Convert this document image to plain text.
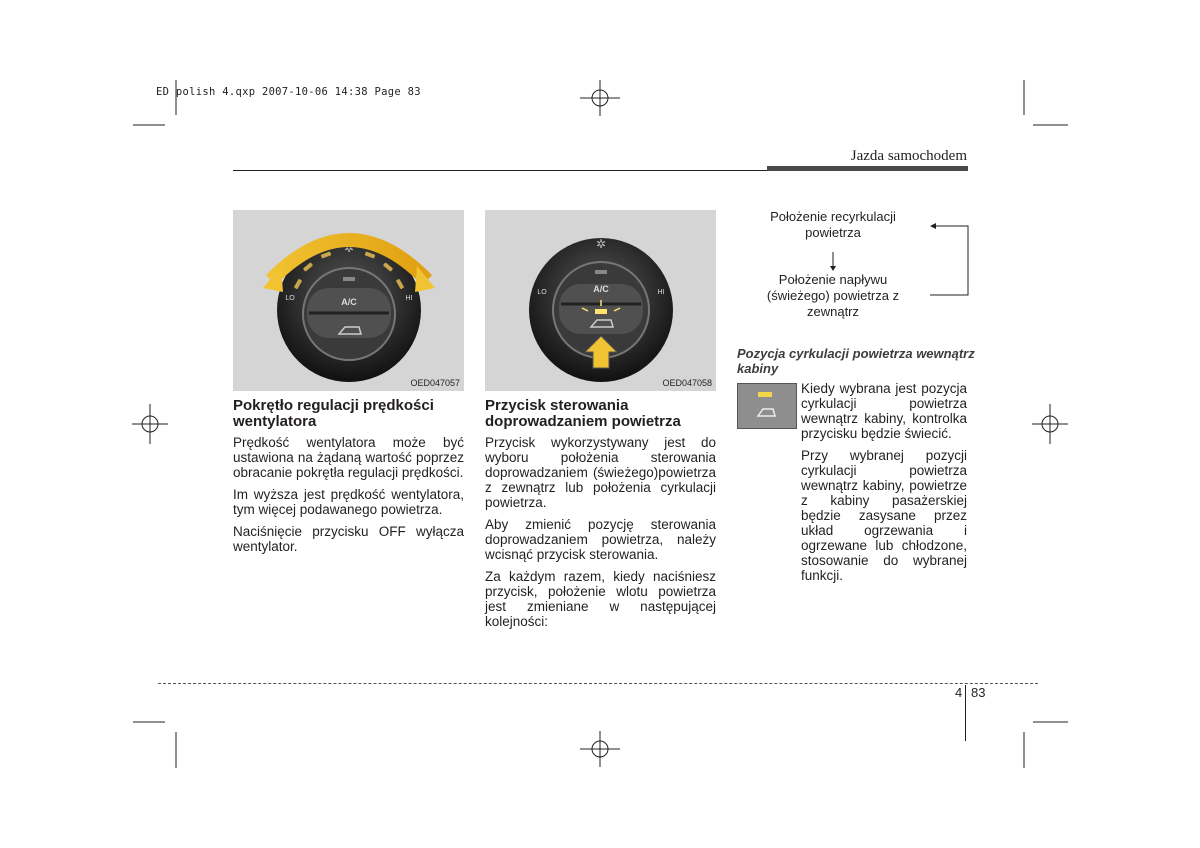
ED polish 4.qxp 2007-10-06 14:38 Page 83
Jazda samochodem
✲
A/C
LO	HI
OED047057
✲
A/C
LO	HI
OED047058
Pokrętło regulacji prędkości wentylatora

Prędkość wentylatora może być ustawiona na żądaną wartość poprzez obracanie pokrętła regulacji prędkości.

Im wyższa jest prędkość wentylatora, tym więcej podawanego powietrza.

Naciśnięcie przycisku OFF wyłącza wentylator.

Przycisk sterowania doprowadzaniem powietrza

Przycisk wykorzystywany jest do wyboru położenia sterowania doprowadzaniem (świeżego)powietrza z zewnątrz lub położenia cyrkulacji powietrza.

Aby zmienić pozycję sterowania doprowadzaniem powietrza, należy wcisnąć przycisk sterowania.

Za każdym razem, kiedy naciśniesz przycisk, położenie wlotu powietrza jest zmieniane w następującej kolejności:

Położenie recyrkulacji powietrza
Położenie napływu (świeżego) powietrza z zewnątrz
Pozycja cyrkulacji powietrza wewnątrz kabiny

Kiedy wybrana jest pozycja cyrkulacji powietrza wewnątrz kabiny, kontrolka przycisku będzie świecić.

Przy wybranej pozycji cyrkulacji powietrza wewnątrz kabiny, powietrze z kabiny pasażerskiej będzie zasysane przez układ ogrzewania i ogrzewane lub chłodzone, stosowanie do wybranej funkcji.

4 83
